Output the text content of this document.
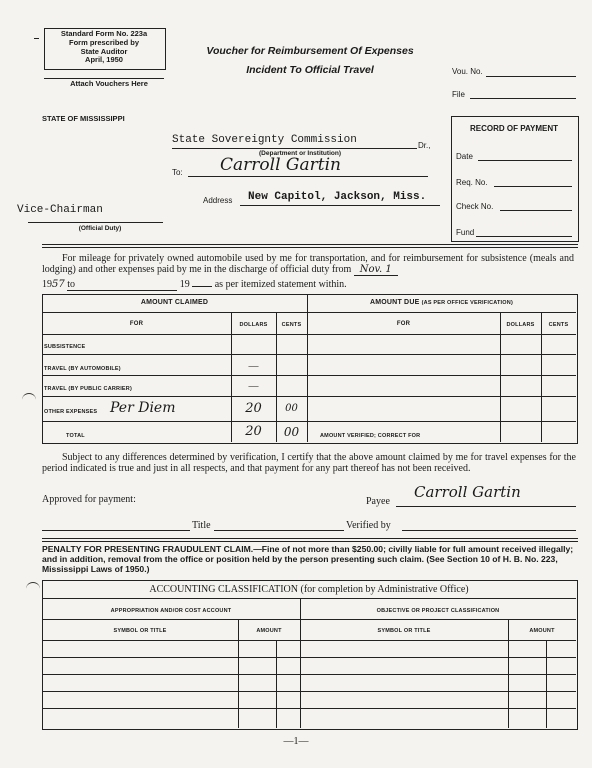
Standard Form No. 223a
Form prescribed by
State Auditor
April, 1950
Attach Vouchers Here
Voucher for Reimbursement Of Expenses
Incident To Official Travel	Vou. No.
File
STATE OF MISSISSIPPI
State Sovereignty Commission	Dr.,
(Department or Institution)
To: Carroll Gartin
Address New Capitol, Jackson, Miss.
Vice-Chairman
(Official Duty)
RECORD OF PAYMENT
Date
Req. No.
Check No.
Fund
For mileage for privately owned automobile used by me for transportation, and for reimbursement for subsistence (meals and lodging) and other expenses paid by me in the discharge of official duty from Nov. 1
1957 to	19	as per itemized statement within.
AMOUNT CLAIMED	AMOUNT DUE (AS PER OFFICE VERIFICATION)
FOR	DOLLARS	CENTS	FOR	DOLLARS	CENTS
SUBSISTENCE
TRAVEL (BY AUTOMOBILE)	—
TRAVEL (BY PUBLIC CARRIER)	—
OTHER EXPENSES Per Diem	20	00
TOTAL	20	00	AMOUNT VERIFIED; CORRECT FOR
Subject to any differences determined by verification, I certify that the above amount claimed by me for travel expenses for the period indicated is true and just in all respects, and that payment for any part thereof has not been received.
Approved for payment:	Payee
Carroll Gartin
Title	Verified by
PENALTY FOR PRESENTING FRAUDULENT CLAIM.—Fine of not more than $250.00; civilly liable for full amount received illegally; and in addition, removal from the office or position held by the person presenting such claim. (See Section 10 of H. B. No. 223, Mississippi Laws of 1950.)
ACCOUNTING CLASSIFICATION (for completion by Administrative Office)
APPROPRIATION AND/OR COST ACCOUNT	OBJECTIVE OR PROJECT CLASSIFICATION
SYMBOL OR TITLE	AMOUNT	SYMBOL OR TITLE	AMOUNT
—1—
